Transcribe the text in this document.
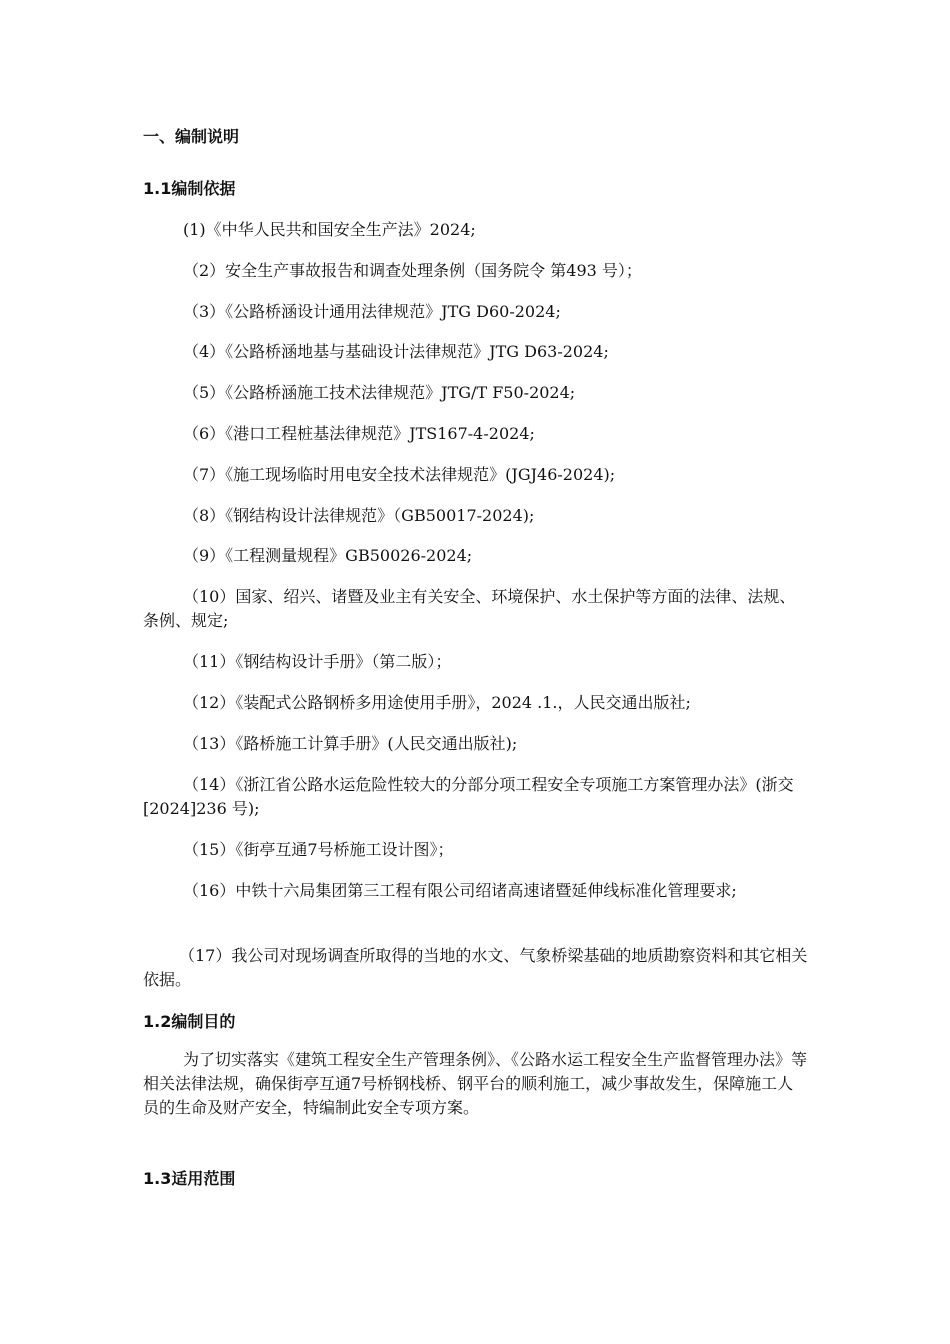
一、编制说明

1.1编制依据

(1)《中华人民共和国安全生产法》2024;

（2）安全生产事故报告和调查处理条例（国务院令 第493 号）；

（3）《公路桥涵设计通用法律规范》JTG D60-2024;

（4）《公路桥涵地基与基础设计法律规范》JTG D63-2024;

（5）《公路桥涵施工技术法律规范》JTG/T F50-2024;

（6）《港口工程桩基法律规范》JTS167-4-2024;

（7）《施工现场临时用电安全技术法律规范》(JGJ46-2024);

（8）《钢结构设计法律规范》（GB50017-2024);

（9）《工程测量规程》GB50026-2024;

（10）国家、绍兴、诸暨及业主有关安全、环境保护、水土保护等方面的法律、法规、条例、规定;

（11）《钢结构设计手册》（第二版）；

（12）《装配式公路钢桥多用途使用手册》，2024 .1.，人民交通出版社;

（13）《路桥施工计算手册》(人民交通出版社);

（14）《浙江省公路水运危险性较大的分部分项工程安全专项施工方案管理办法》(浙交[2024]236 号);

（15）《街亭互通7号桥施工设计图》；

（16）中铁十六局集团第三工程有限公司绍诸高速诸暨延伸线标准化管理要求;

（17）我公司对现场调查所取得的当地的水文、气象桥梁基础的地质勘察资料和其它相关依据。

1.2编制目的

为了切实落实《建筑工程安全生产管理条例》、《公路水运工程安全生产监督管理办法》等相关法律法规，确保街亭互通7号桥钢栈桥、钢平台的顺利施工，减少事故发生，保障施工人员的生命及财产安全，特编制此安全专项方案。

1.3适用范围
